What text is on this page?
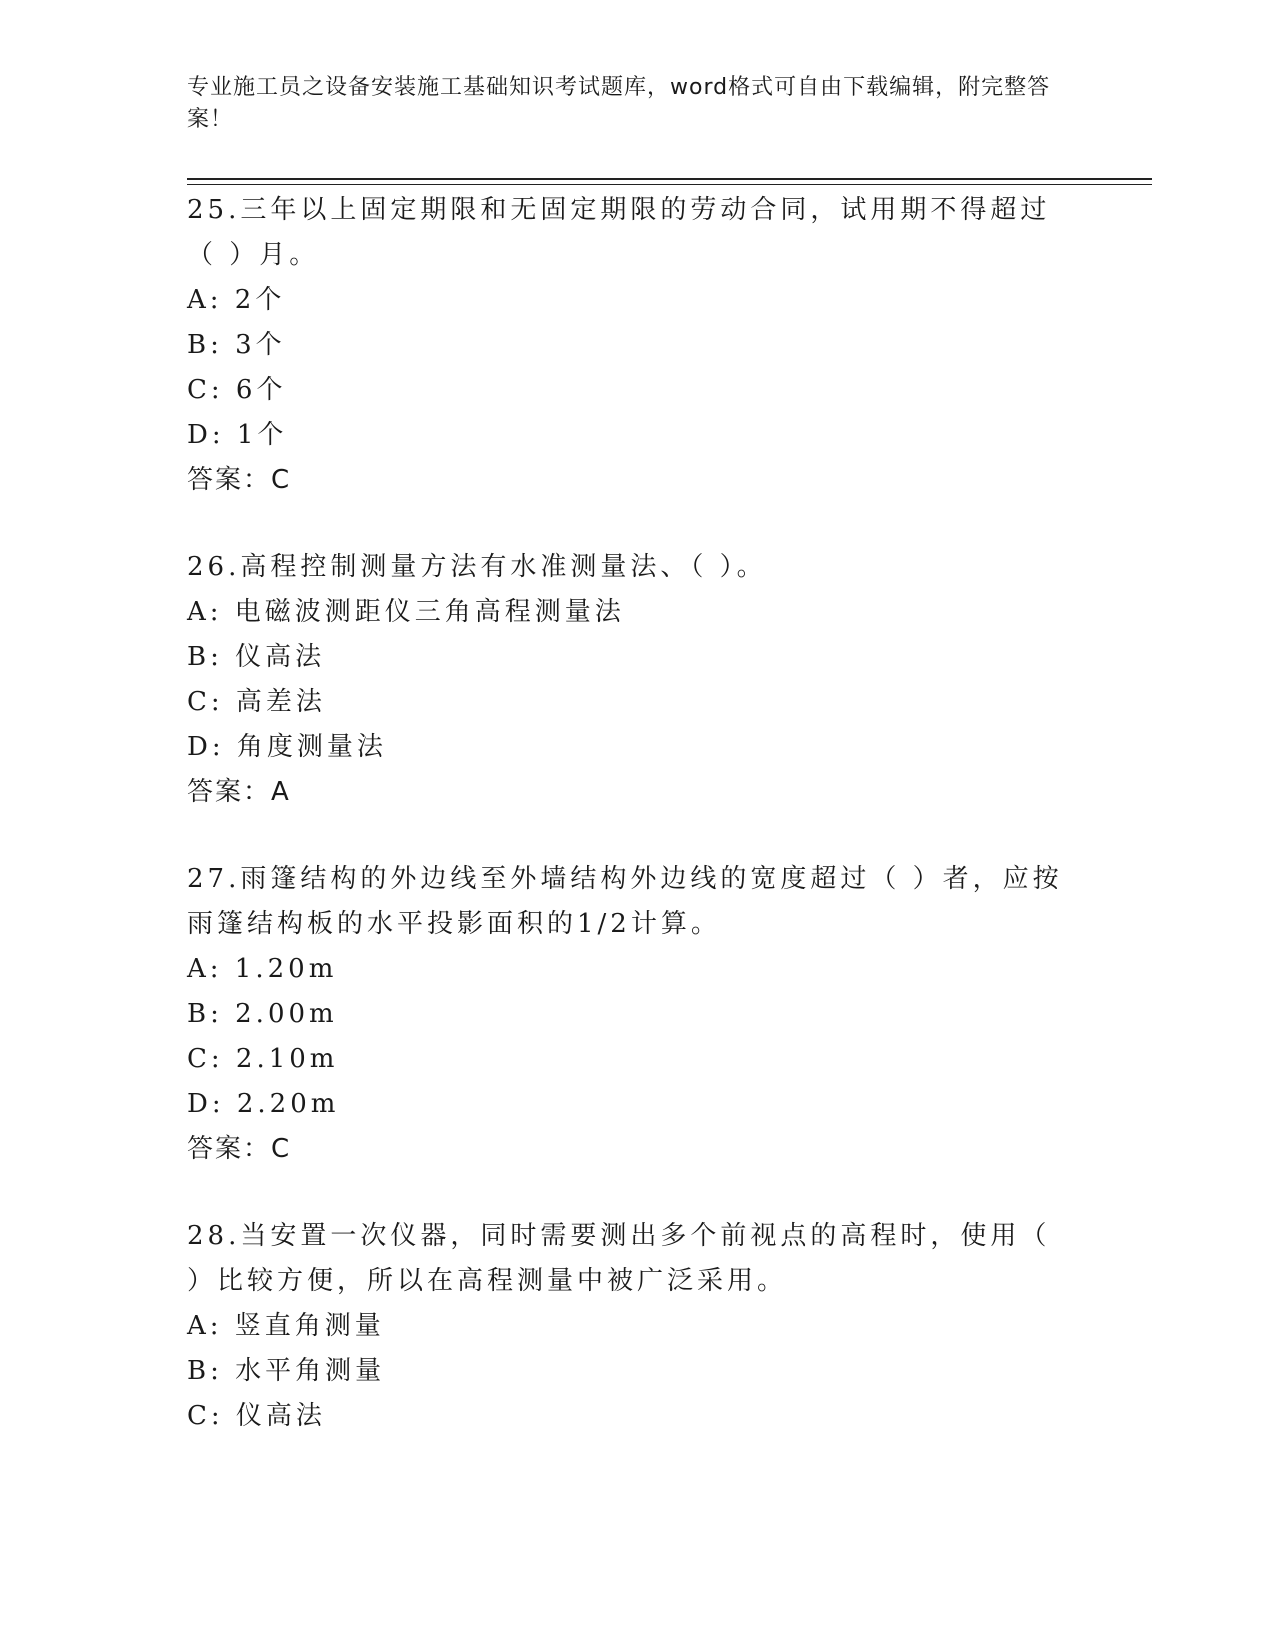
专业施工员之设备安装施工基础知识考试题库，word格式可自由下载编辑，附完整答案！

25.三年以上固定期限和无固定期限的劳动合同，试用期不得超过（ ）月。

A: 2个

B: 3个

C: 6个

D: 1个

答案：C

26.高程控制测量方法有水准测量法、（ ）。

A: 电磁波测距仪三角高程测量法

B: 仪高法

C: 高差法

D: 角度测量法

答案：A

27.雨篷结构的外边线至外墙结构外边线的宽度超过（ ）者，应按雨篷结构板的水平投影面积的1/2计算。

A: 1.20m

B: 2.00m

C: 2.10m

D: 2.20m

答案：C

28.当安置一次仪器，同时需要测出多个前视点的高程时，使用（ ）比较方便，所以在高程测量中被广泛采用。

A: 竖直角测量

B: 水平角测量

C: 仪高法
